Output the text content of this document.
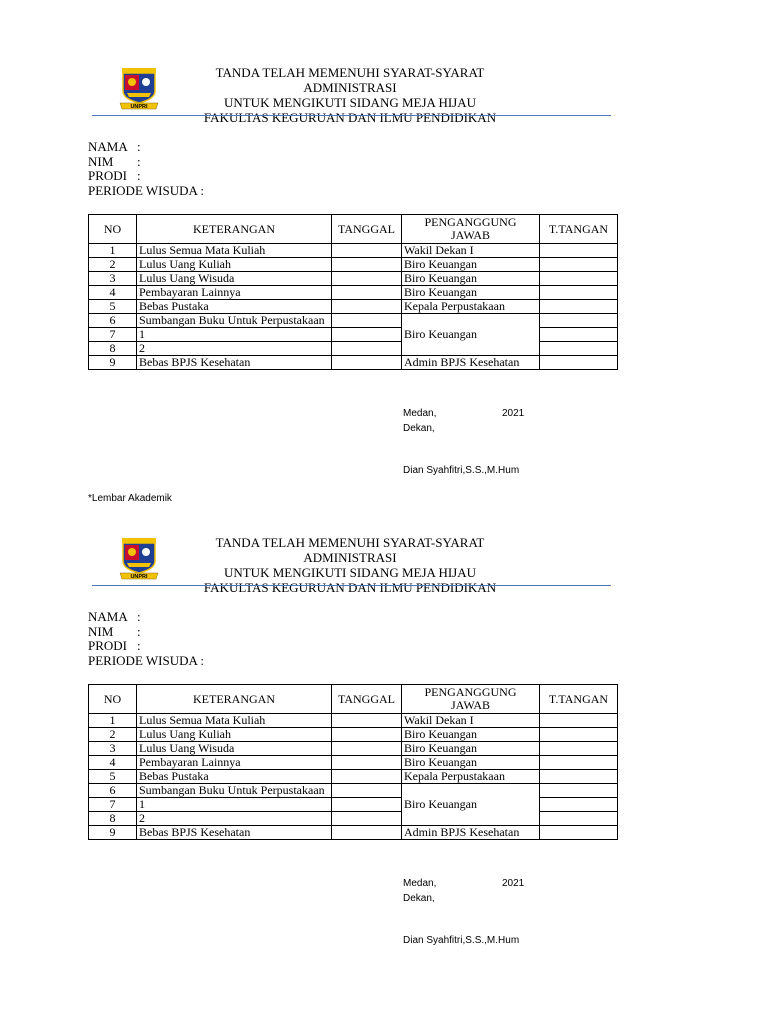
UNPRI
TANDA TELAH MEMENUHI SYARAT-SYARAT ADMINISTRASI
UNTUK MENGIKUTI SIDANG MEJA HIJAU
FAKULTAS KEGURUAN DAN ILMU PENDIDIKAN
NAMA :
NIM :
PRODI :
PERIODE WISUDA :
NO	KETERANGAN	TANGGAL	PENGANGGUNG JAWAB	T.TANGAN
1	Lulus Semua Mata Kuliah		Wakil Dekan I	
2	Lulus Uang Kuliah		Biro Keuangan	
3	Lulus Uang Wisuda		Biro Keuangan	
4	Pembayaran Lainnya		Biro Keuangan	
5	Bebas Pustaka		Kepala Perpustakaan	
6	Sumbangan Buku Untuk Perpustakaan		Biro Keuangan	
7	1			
8	2			
9	Bebas BPJS Kesehatan		Admin BPJS Kesehatan	
Medan,	2021
Dekan,
Dian Syahfitri,S.S.,M.Hum
*Lembar Akademik
UNPRI
TANDA TELAH MEMENUHI SYARAT-SYARAT ADMINISTRASI
UNTUK MENGIKUTI SIDANG MEJA HIJAU
FAKULTAS KEGURUAN DAN ILMU PENDIDIKAN
NAMA :
NIM :
PRODI :
PERIODE WISUDA :
NO	KETERANGAN	TANGGAL	PENGANGGUNG JAWAB	T.TANGAN
1	Lulus Semua Mata Kuliah		Wakil Dekan I	
2	Lulus Uang Kuliah		Biro Keuangan	
3	Lulus Uang Wisuda		Biro Keuangan	
4	Pembayaran Lainnya		Biro Keuangan	
5	Bebas Pustaka		Kepala Perpustakaan	
6	Sumbangan Buku Untuk Perpustakaan		Biro Keuangan	
7	1			
8	2			
9	Bebas BPJS Kesehatan		Admin BPJS Kesehatan	
Medan,	2021
Dekan,
Dian Syahfitri,S.S.,M.Hum
